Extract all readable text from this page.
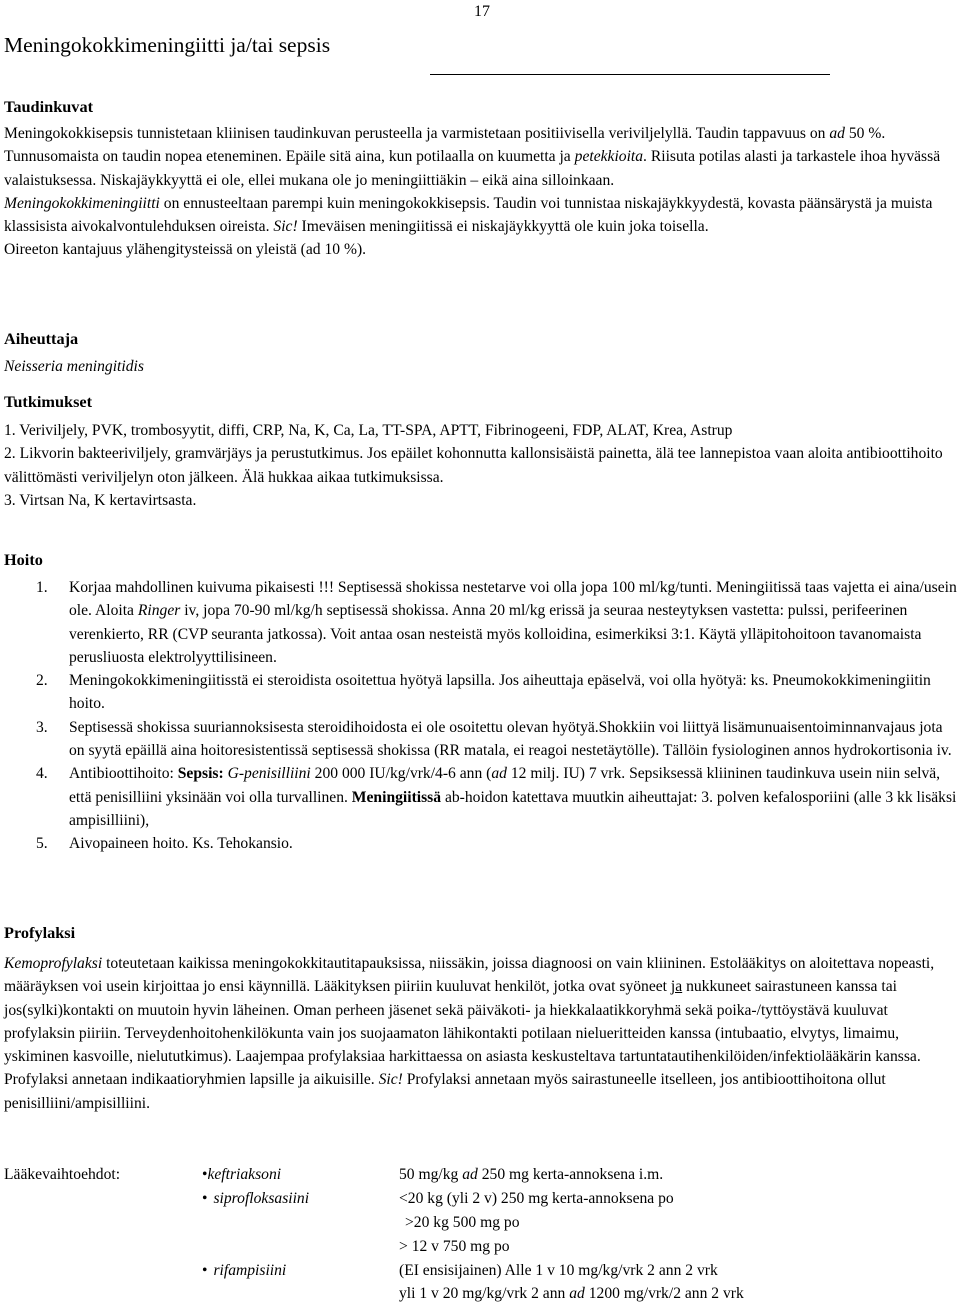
17
Meningokokkimeningiitti ja/tai sepsis
Taudinkuvat

Meningokokkisepsis tunnistetaan kliinisen taudinkuvan perusteella ja varmistetaan positiivisella veriviljelyllä. Taudin tappavuus on ad 50 %. Tunnusomaista on taudin nopea eteneminen. Epäile sitä aina, kun potilaalla on kuumetta ja petekkioita. Riisuta potilas alasti ja tarkastele ihoa hyvässä valaistuksessa. Niskajäykkyyttä ei ole, ellei mukana ole jo meningiittiäkin – eikä aina silloinkaan.

Meningokokkimeningiitti on ennusteeltaan parempi kuin meningokokkisepsis. Taudin voi tunnistaa niskajäykkyydestä, kovasta päänsärystä ja muista klassisista aivokalvontulehduksen oireista. Sic! Imeväisen meningiitissä ei niskajäykkyyttä ole kuin joka toisella.

Oireeton kantajuus ylähengitysteissä on yleistä (ad 10 %).

Aiheuttaja
Neisseria meningitidis
Tutkimukset

1. Veriviljely, PVK, trombosyytit, diffi, CRP, Na, K, Ca, La, TT-SPA, APTT, Fibrinogeeni, FDP, ALAT, Krea, Astrup

2. Likvorin bakteeriviljely, gramvärjäys ja perustutkimus. Jos epäilet kohonnutta kallonsisäistä painetta, älä tee lannepistoa vaan aloita antibioottihoito välittömästi veriviljelyn oton jälkeen. Älä hukkaa aikaa tutkimuksissa.

3. Virtsan Na, K kertavirtsasta.

Hoito
1. Korjaa mahdollinen kuivuma pikaisesti !!! Septisessä shokissa nestetarve voi olla jopa 100 ml/kg/tunti. Meningiitissä taas vajetta ei aina/usein ole. Aloita Ringer iv, jopa 70-90 ml/kg/h septisessä shokissa. Anna 20 ml/kg erissä ja seuraa nesteytyksen vastetta: pulssi, perifeerinen verenkierto, RR (CVP seuranta jatkossa). Voit antaa osan nesteistä myös kolloidina, esimerkiksi 3:1. Käytä ylläpitohoitoon tavanomaista perusliuosta elektrolyyttilisineen.
2. Meningokokkimeningiitisstä ei steroidista osoitettua hyötyä lapsilla. Jos aiheuttaja epäselvä, voi olla hyötyä: ks. Pneumokokkimeningiitin hoito.
3. Septisessä shokissa suuriannoksisesta steroidihoidosta ei ole osoitettu olevan hyötyä.Shokkiin voi liittyä lisämunuaisentoiminnanvajaus jota on syytä epäillä aina hoitoresistentissä septisessä shokissa (RR matala, ei reagoi nestetäytölle). Tällöin fysiologinen annos hydrokortisonia iv.
4. Antibioottihoito: Sepsis: G-penisilliini 200 000 IU/kg/vrk/4-6 ann (ad 12 milj. IU) 7 vrk. Sepsiksessä kliininen taudinkuva usein niin selvä, että penisilliini yksinään voi olla turvallinen. Meningiitissä ab-hoidon katettava muutkin aiheuttajat: 3. polven kefalosporiini (alle 3 kk lisäksi ampisilliini),
5. Aivopaineen hoito. Ks. Tehokansio.
Profylaksi

Kemoprofylaksi toteutetaan kaikissa meningokokkitautitapauksissa, niissäkin, joissa diagnoosi on vain kliininen. Estolääkitys on aloitettava nopeasti, määräyksen voi usein kirjoittaa jo ensi käynnillä. Lääkityksen piiriin kuuluvat henkilöt, jotka ovat syöneet ja nukkuneet sairastuneen kanssa tai jos(sylki)kontakti on muutoin hyvin läheinen. Oman perheen jäsenet sekä päiväkoti- ja hiekkalaatikkoryhmä sekä poika-/tyttöystävä kuuluvat profylaksin piiriin. Terveydenhoitohenkilökunta vain jos suojaamaton lähikontakti potilaan nielueritteiden kanssa (intubaatio, elvytys, limaimu, yskiminen kasvoille, nielututkimus). Laajempaa profylaksiaa harkittaessa on asiasta keskusteltava tartuntatautihenkilöiden/infektiolääkärin kanssa. Profylaksi annetaan indikaatioryhmien lapsille ja aikuisille. Sic! Profylaksi annetaan myös sairastuneelle itselleen, jos antibioottihoitona ollut penisilliini/ampisilliini.

Lääkevaihtoehdot:	•keftriaksoni	50 mg/kg ad 250 mg kerta-annoksena i.m.
• siprofloksasiini	<20 kg (yli 2 v) 250 mg kerta-annoksena po
>20 kg 500 mg po
> 12 v 750 mg po
• rifampisiini	(EI ensisijainen) Alle 1 v 10 mg/kg/vrk 2 ann 2 vrk
yli 1 v 20 mg/kg/vrk 2 ann ad 1200 mg/vrk/2 ann 2 vrk
